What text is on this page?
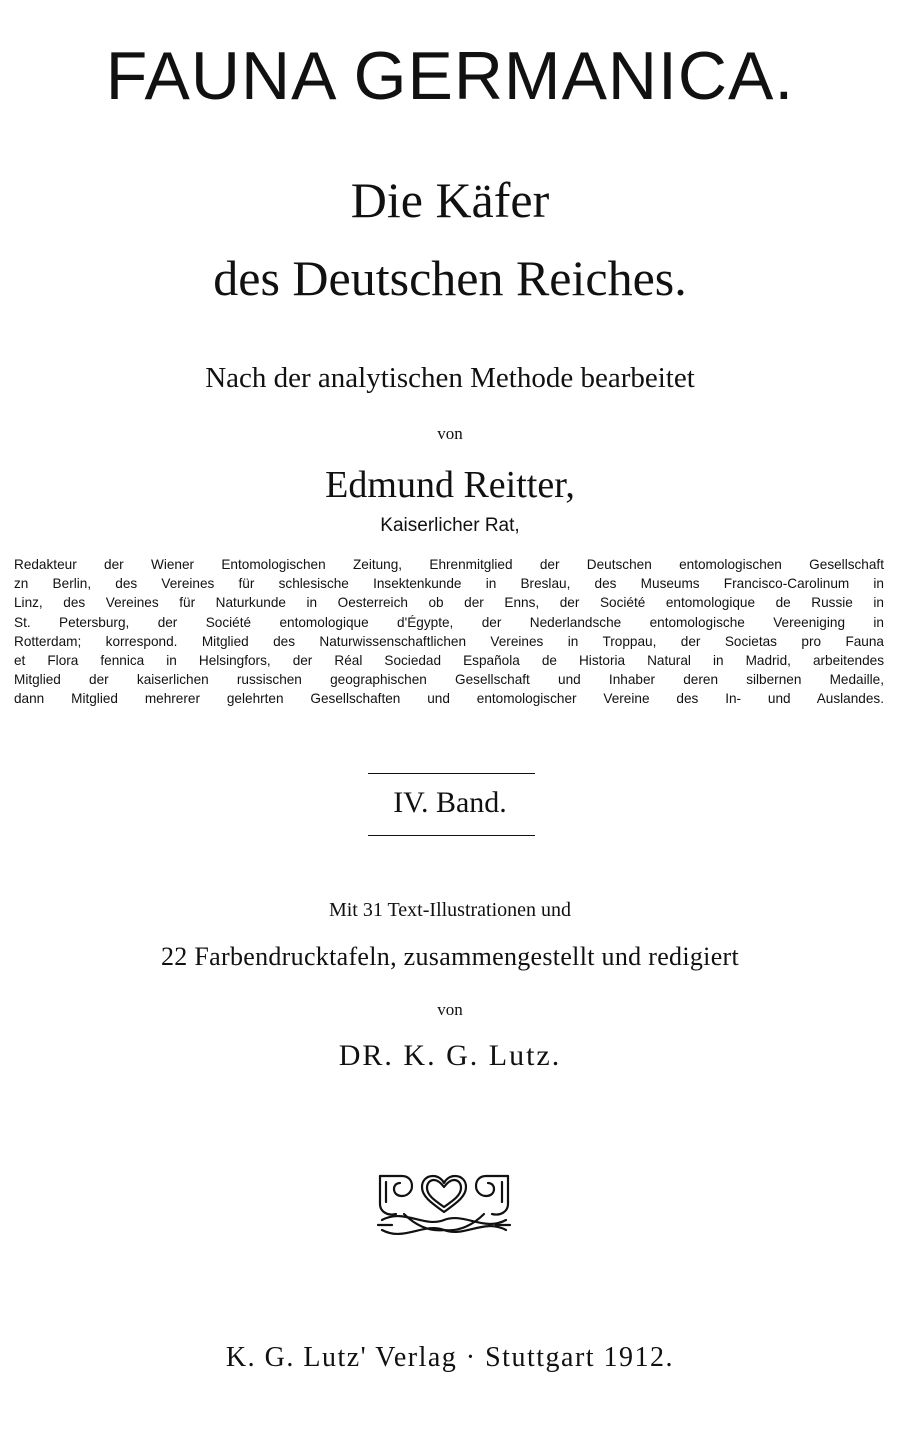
FAUNA GERMANICA.
Die Käfer
des Deutschen Reiches.
Nach der analytischen Methode bearbeitet
von
Edmund Reitter,
Kaiserlicher Rat,
Redakteur der Wiener Entomologischen Zeitung, Ehrenmitglied der Deutschen entomologischen Gesellschaft
zn Berlin, des Vereines für schlesische Insektenkunde in Breslau, des Museums Francisco-Carolinum in
Linz, des Vereines für Naturkunde in Oesterreich ob der Enns, der Société entomologique de Russie in
St. Petersburg, der Société entomologique d'Égypte, der Nederlandsche entomologische Vereeniging in
Rotterdam; korrespond. Mitglied des Naturwissenschaftlichen Vereines in Troppau, der Societas pro Fauna
et Flora fennica in Helsingfors, der Réal Sociedad Española de Historia Natural in Madrid, arbeitendes
Mitglied der kaiserlichen russischen geographischen Gesellschaft und Inhaber deren silbernen Medaille,
dann Mitglied mehrerer gelehrten Gesellschaften und entomologischer Vereine des In- und Auslandes.
IV. Band.
Mit 31 Text-Illustrationen und
22 Farbendrucktafeln, zusammengestellt und redigiert
von
DR. K. G. Lutz.
K. G. Lutz' Verlag · Stuttgart 1912.
